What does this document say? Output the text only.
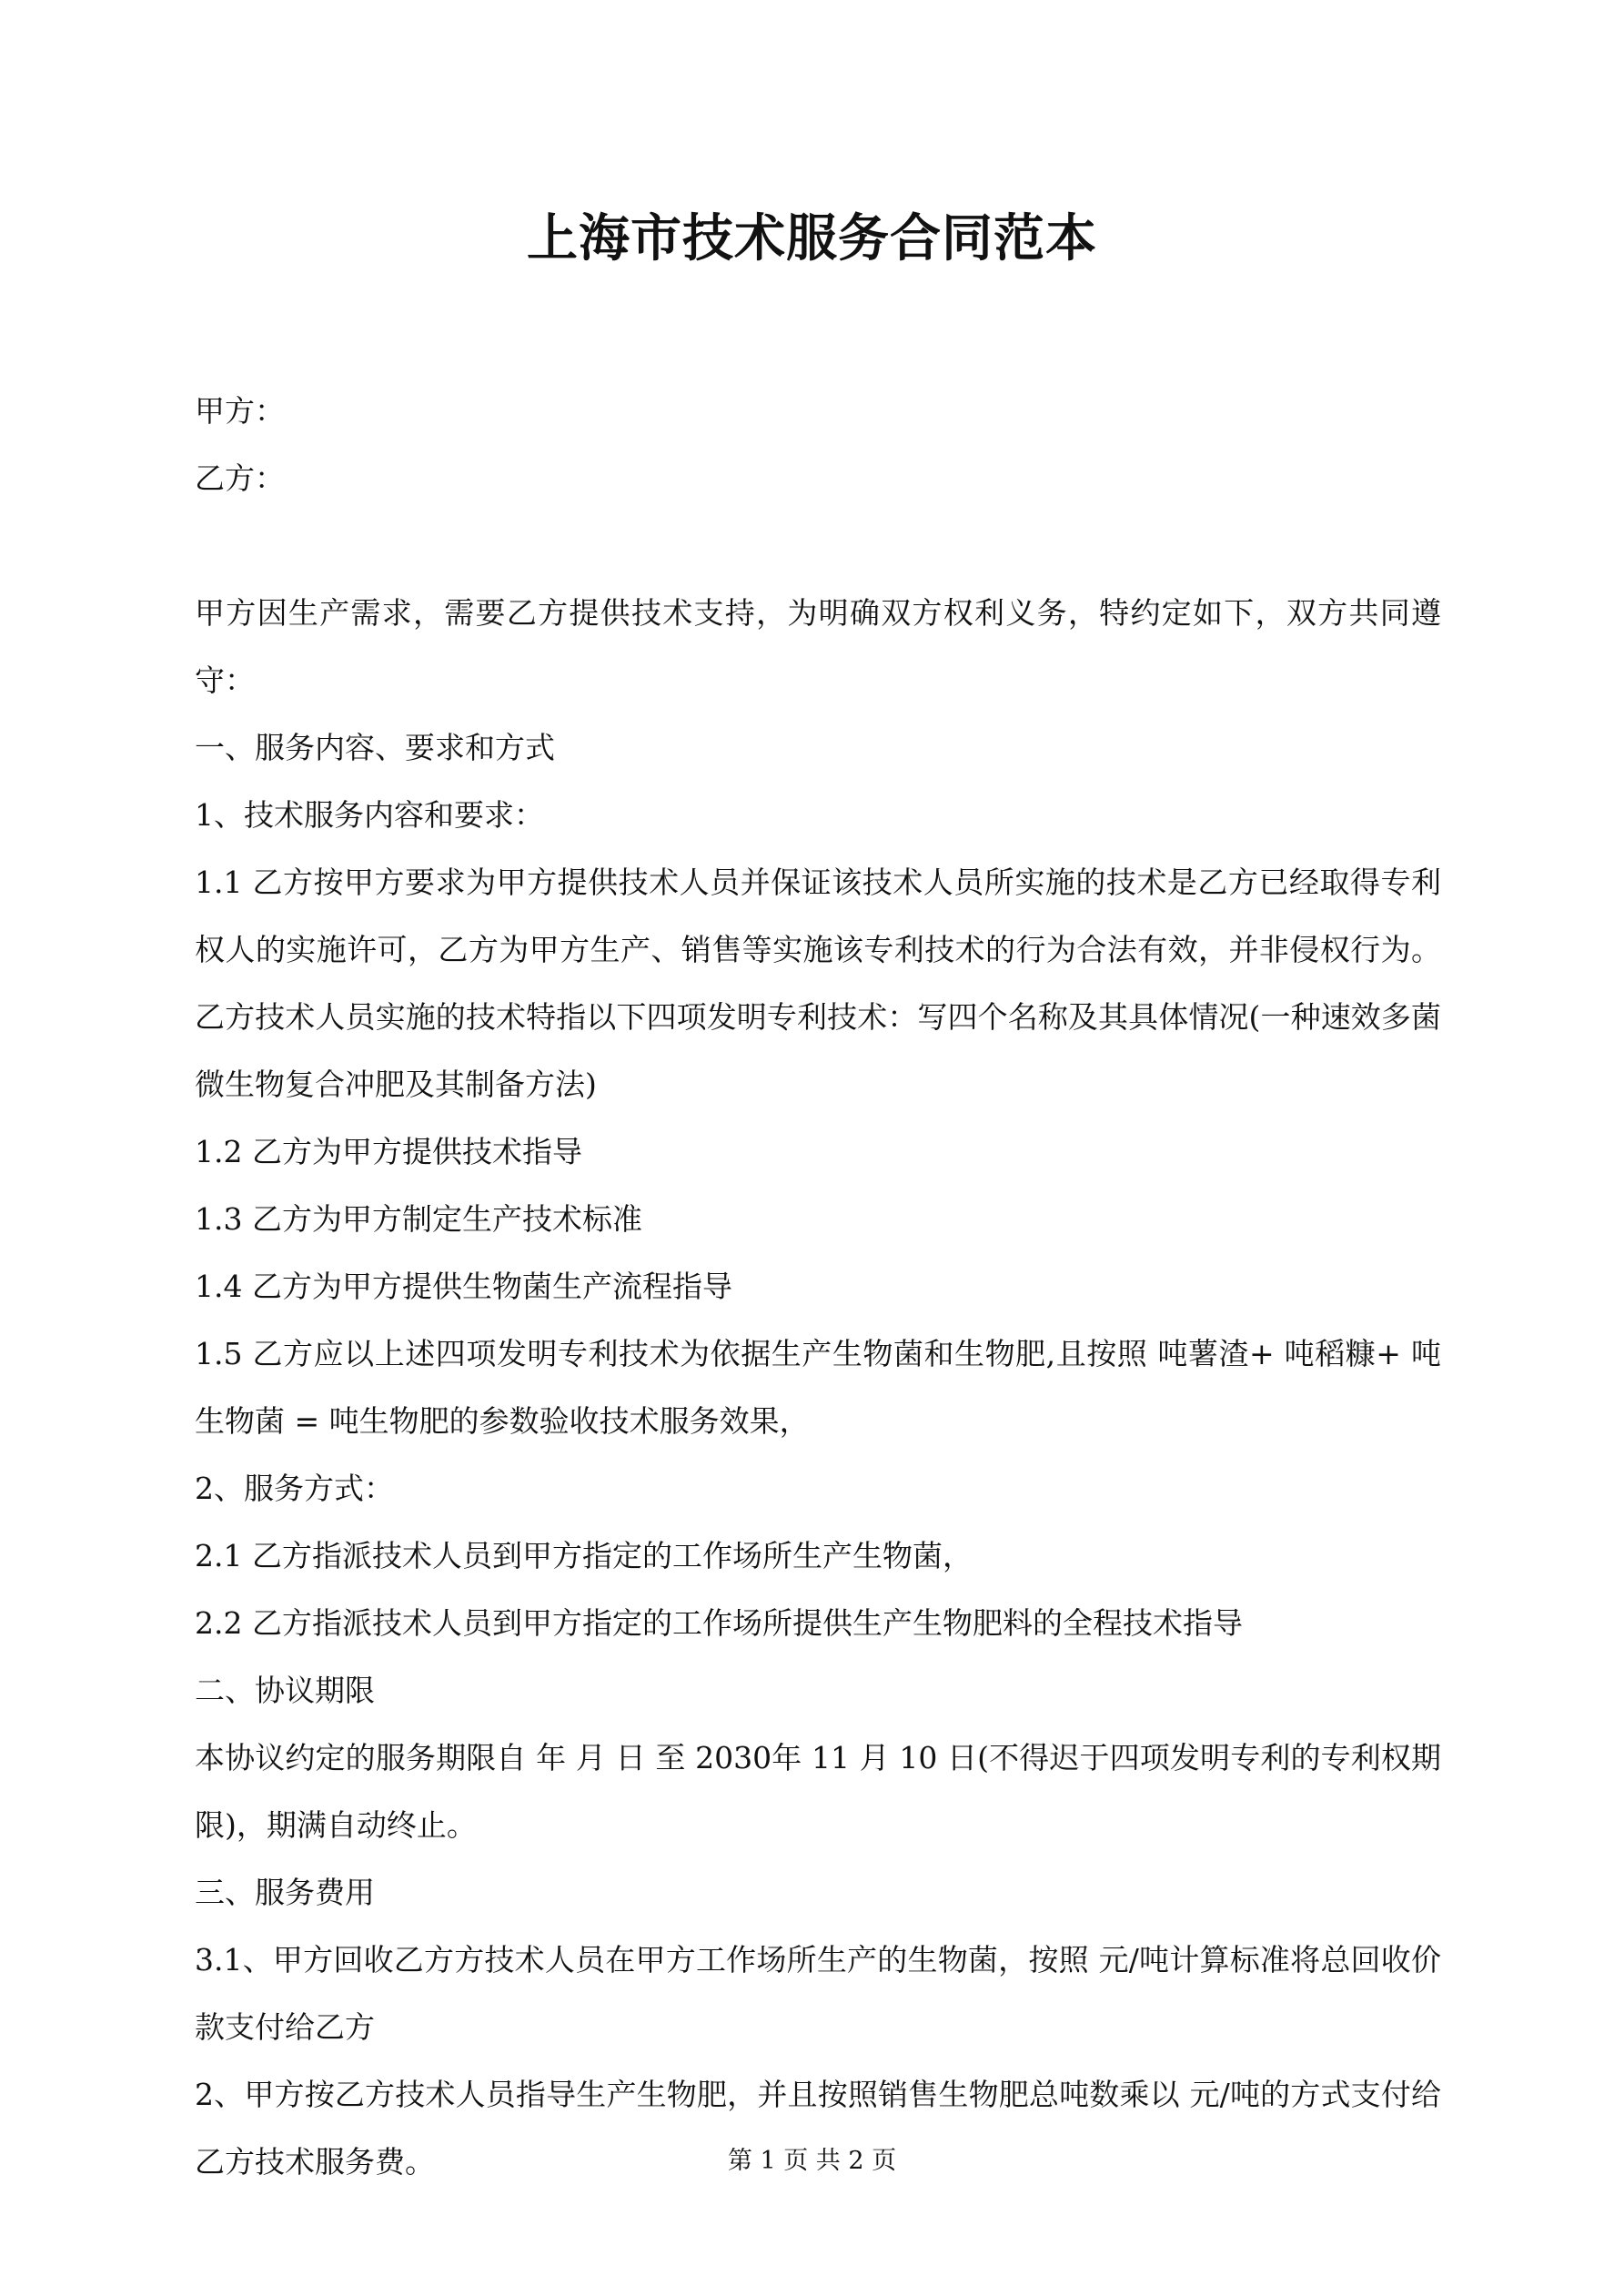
上海市技术服务合同范本

甲方：

乙方：

甲方因生产需求，需要乙方提供技术支持，为明确双方权利义务，特约定如下，双方共同遵守：

一、服务内容、要求和方式

1、技术服务内容和要求：

1.1 乙方按甲方要求为甲方提供技术人员并保证该技术人员所实施的技术是乙方已经取得专利权人的实施许可，乙方为甲方生产、销售等实施该专利技术的行为合法有效，并非侵权行为。乙方技术人员实施的技术特指以下四项发明专利技术：写四个名称及其具体情况(一种速效多菌微生物复合冲肥及其制备方法)

1.2 乙方为甲方提供技术指导

1.3 乙方为甲方制定生产技术标准

1.4 乙方为甲方提供生物菌生产流程指导

1.5 乙方应以上述四项发明专利技术为依据生产生物菌和生物肥,且按照 吨薯渣+ 吨稻糠+ 吨生物菌 = 吨生物肥的参数验收技术服务效果，

2、服务方式：

2.1 乙方指派技术人员到甲方指定的工作场所生产生物菌，

2.2 乙方指派技术人员到甲方指定的工作场所提供生产生物肥料的全程技术指导

二、协议期限

本协议约定的服务期限自 年 月 日 至 2030年 11 月 10 日(不得迟于四项发明专利的专利权期限)，期满自动终止。

三、服务费用

3.1、甲方回收乙方方技术人员在甲方工作场所生产的生物菌，按照 元/吨计算标准将总回收价款支付给乙方

2、甲方按乙方技术人员指导生产生物肥，并且按照销售生物肥总吨数乘以 元/吨的方式支付给乙方技术服务费。	第 1 页 共 2 页
